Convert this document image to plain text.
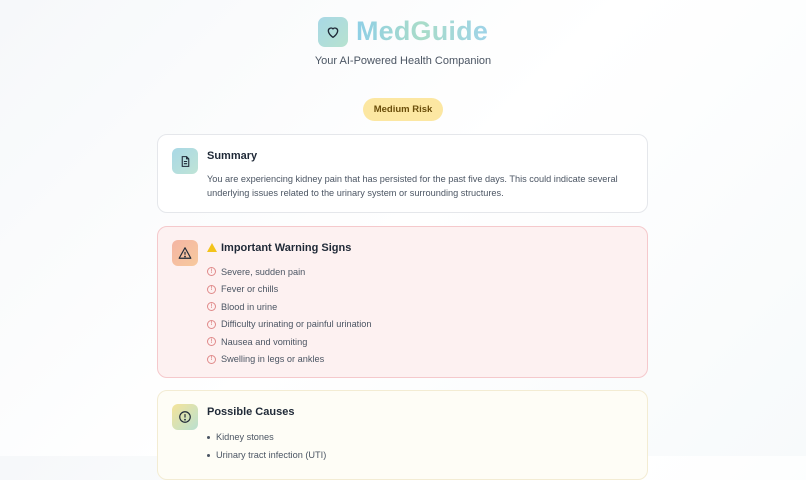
MedGuide
Your AI-Powered Health Companion
Medium Risk
Summary

You are experiencing kidney pain that has persisted for the past five days. This could indicate several underlying issues related to the urinary system or surrounding structures.

Important Warning Signs
! Severe, sudden pain
! Fever or chills
! Blood in urine
! Difficulty urinating or painful urination
! Nausea and vomiting
! Swelling in legs or ankles
Possible Causes
Kidney stones
Urinary tract infection (UTI)
